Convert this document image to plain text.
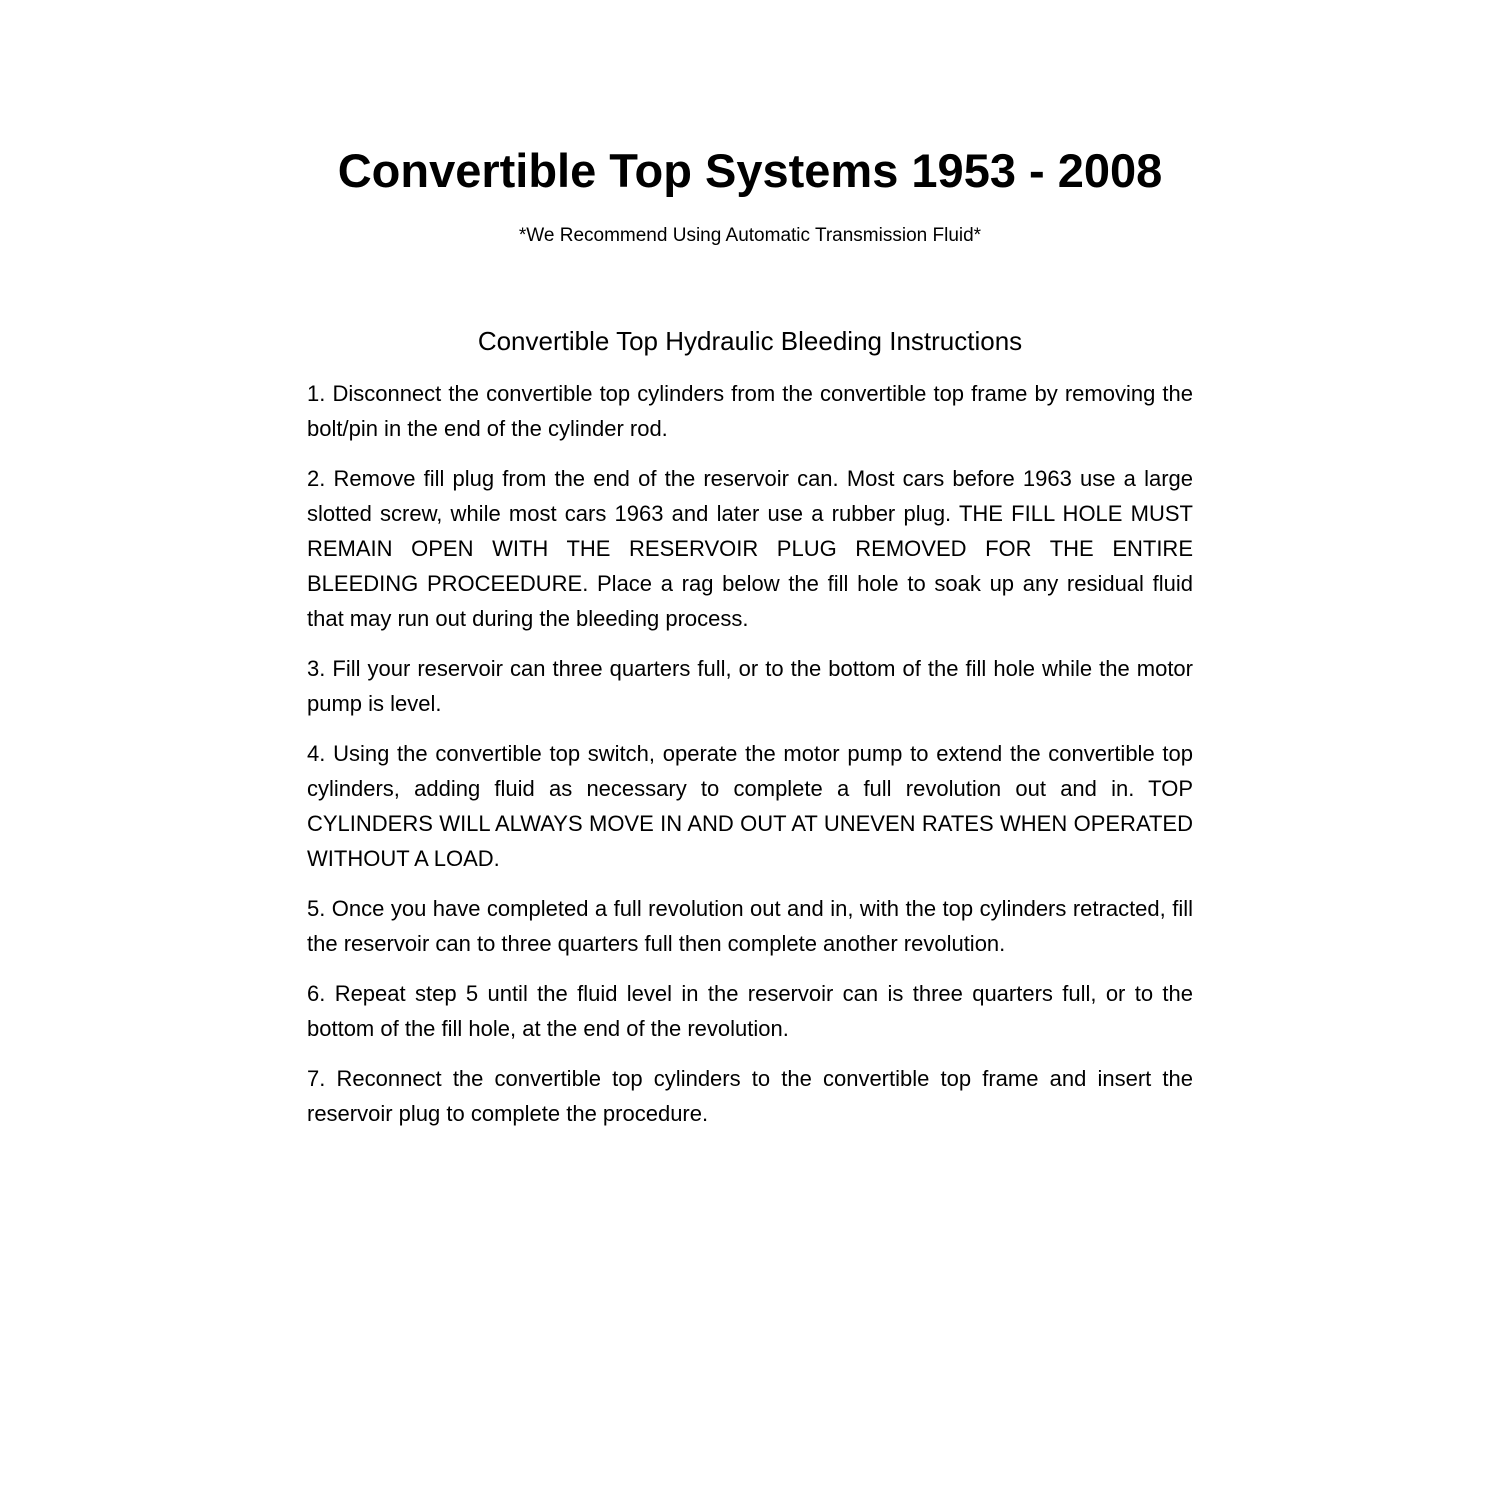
Convertible Top Systems 1953 - 2008

*We Recommend Using Automatic Transmission Fluid*

Convertible Top Hydraulic Bleeding Instructions
1. Disconnect the convertible top cylinders from the convertible top frame by removing the bolt/pin in the end of the cylinder rod.
2. Remove fill plug from the end of the reservoir can. Most cars before 1963 use a large slotted screw, while most cars 1963 and later use a rubber plug. THE FILL HOLE MUST REMAIN OPEN WITH THE RESERVOIR PLUG REMOVED FOR THE ENTIRE BLEEDING PROCEEDURE. Place a rag below the fill hole to soak up any residual fluid that may run out during the bleeding process.
3. Fill your reservoir can three quarters full, or to the bottom of the fill hole while the motor pump is level.
4. Using the convertible top switch, operate the motor pump to extend the convertible top cylinders, adding fluid as necessary to complete a full revolution out and in. TOP CYLINDERS WILL ALWAYS MOVE IN AND OUT AT UNEVEN RATES WHEN OPERATED WITHOUT A LOAD.
5. Once you have completed a full revolution out and in, with the top cylinders retracted, fill the reservoir can to three quarters full then complete another revolution.
6. Repeat step 5 until the fluid level in the reservoir can is three quarters full, or to the bottom of the fill hole, at the end of the revolution.
7. Reconnect the convertible top cylinders to the convertible top frame and insert the reservoir plug to complete the procedure.
